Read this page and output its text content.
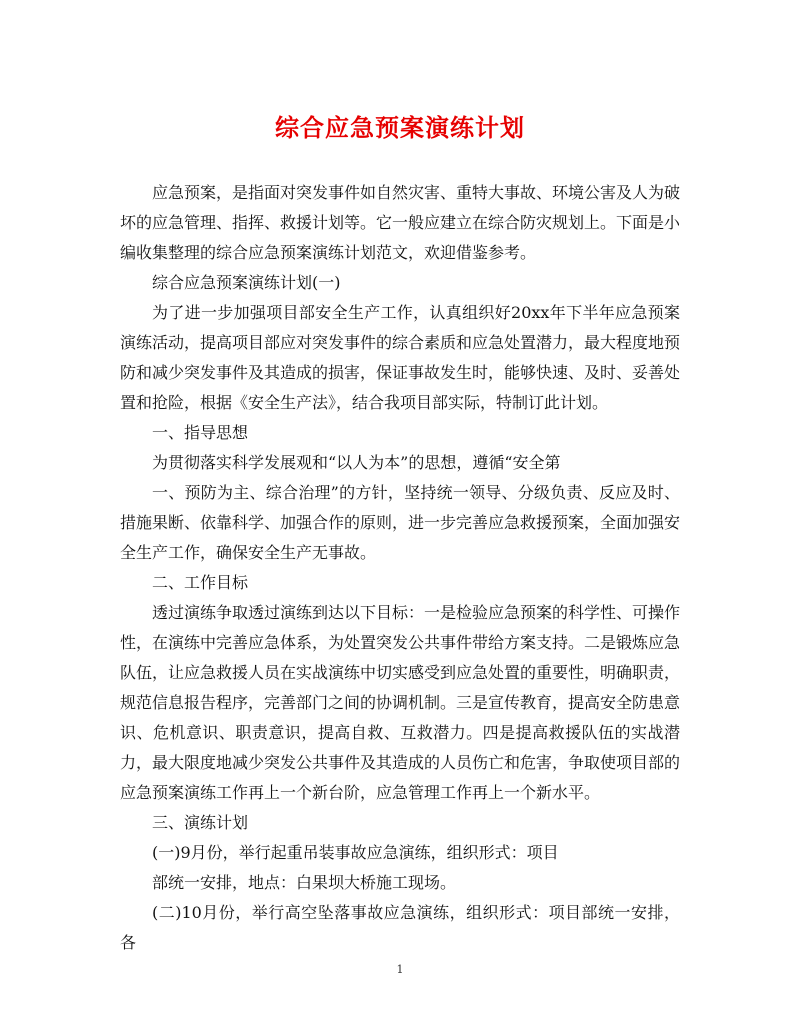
综合应急预案演练计划

应急预案，是指面对突发事件如自然灾害、重特大事故、环境公害及人为破坏的应急管理、指挥、救援计划等。它一般应建立在综合防灾规划上。下面是小编收集整理的综合应急预案演练计划范文，欢迎借鉴参考。

综合应急预案演练计划(一)

为了进一步加强项目部安全生产工作，认真组织好20xx年下半年应急预案演练活动，提高项目部应对突发事件的综合素质和应急处置潜力，最大程度地预防和减少突发事件及其造成的损害，保证事故发生时，能够快速、及时、妥善处置和抢险，根据《安全生产法》，结合我项目部实际，特制订此计划。

一、指导思想

为贯彻落实科学发展观和“以人为本”的思想，遵循“安全第

一、预防为主、综合治理”的方针，坚持统一领导、分级负责、反应及时、措施果断、依靠科学、加强合作的原则，进一步完善应急救援预案，全面加强安全生产工作，确保安全生产无事故。

二、工作目标

透过演练争取透过演练到达以下目标：一是检验应急预案的科学性、可操作性，在演练中完善应急体系，为处置突发公共事件带给方案支持。二是锻炼应急队伍，让应急救援人员在实战演练中切实感受到应急处置的重要性，明确职责，规范信息报告程序，完善部门之间的协调机制。三是宣传教育，提高安全防患意识、危机意识、职责意识，提高自救、互救潜力。四是提高救援队伍的实战潜力，最大限度地减少突发公共事件及其造成的人员伤亡和危害，争取使项目部的应急预案演练工作再上一个新台阶，应急管理工作再上一个新水平。

三、演练计划

(一)9月份，举行起重吊装事故应急演练，组织形式：项目

部统一安排，地点：白果坝大桥施工现场。

(二)10月份，举行高空坠落事故应急演练，组织形式：项目部统一安排，各

1
